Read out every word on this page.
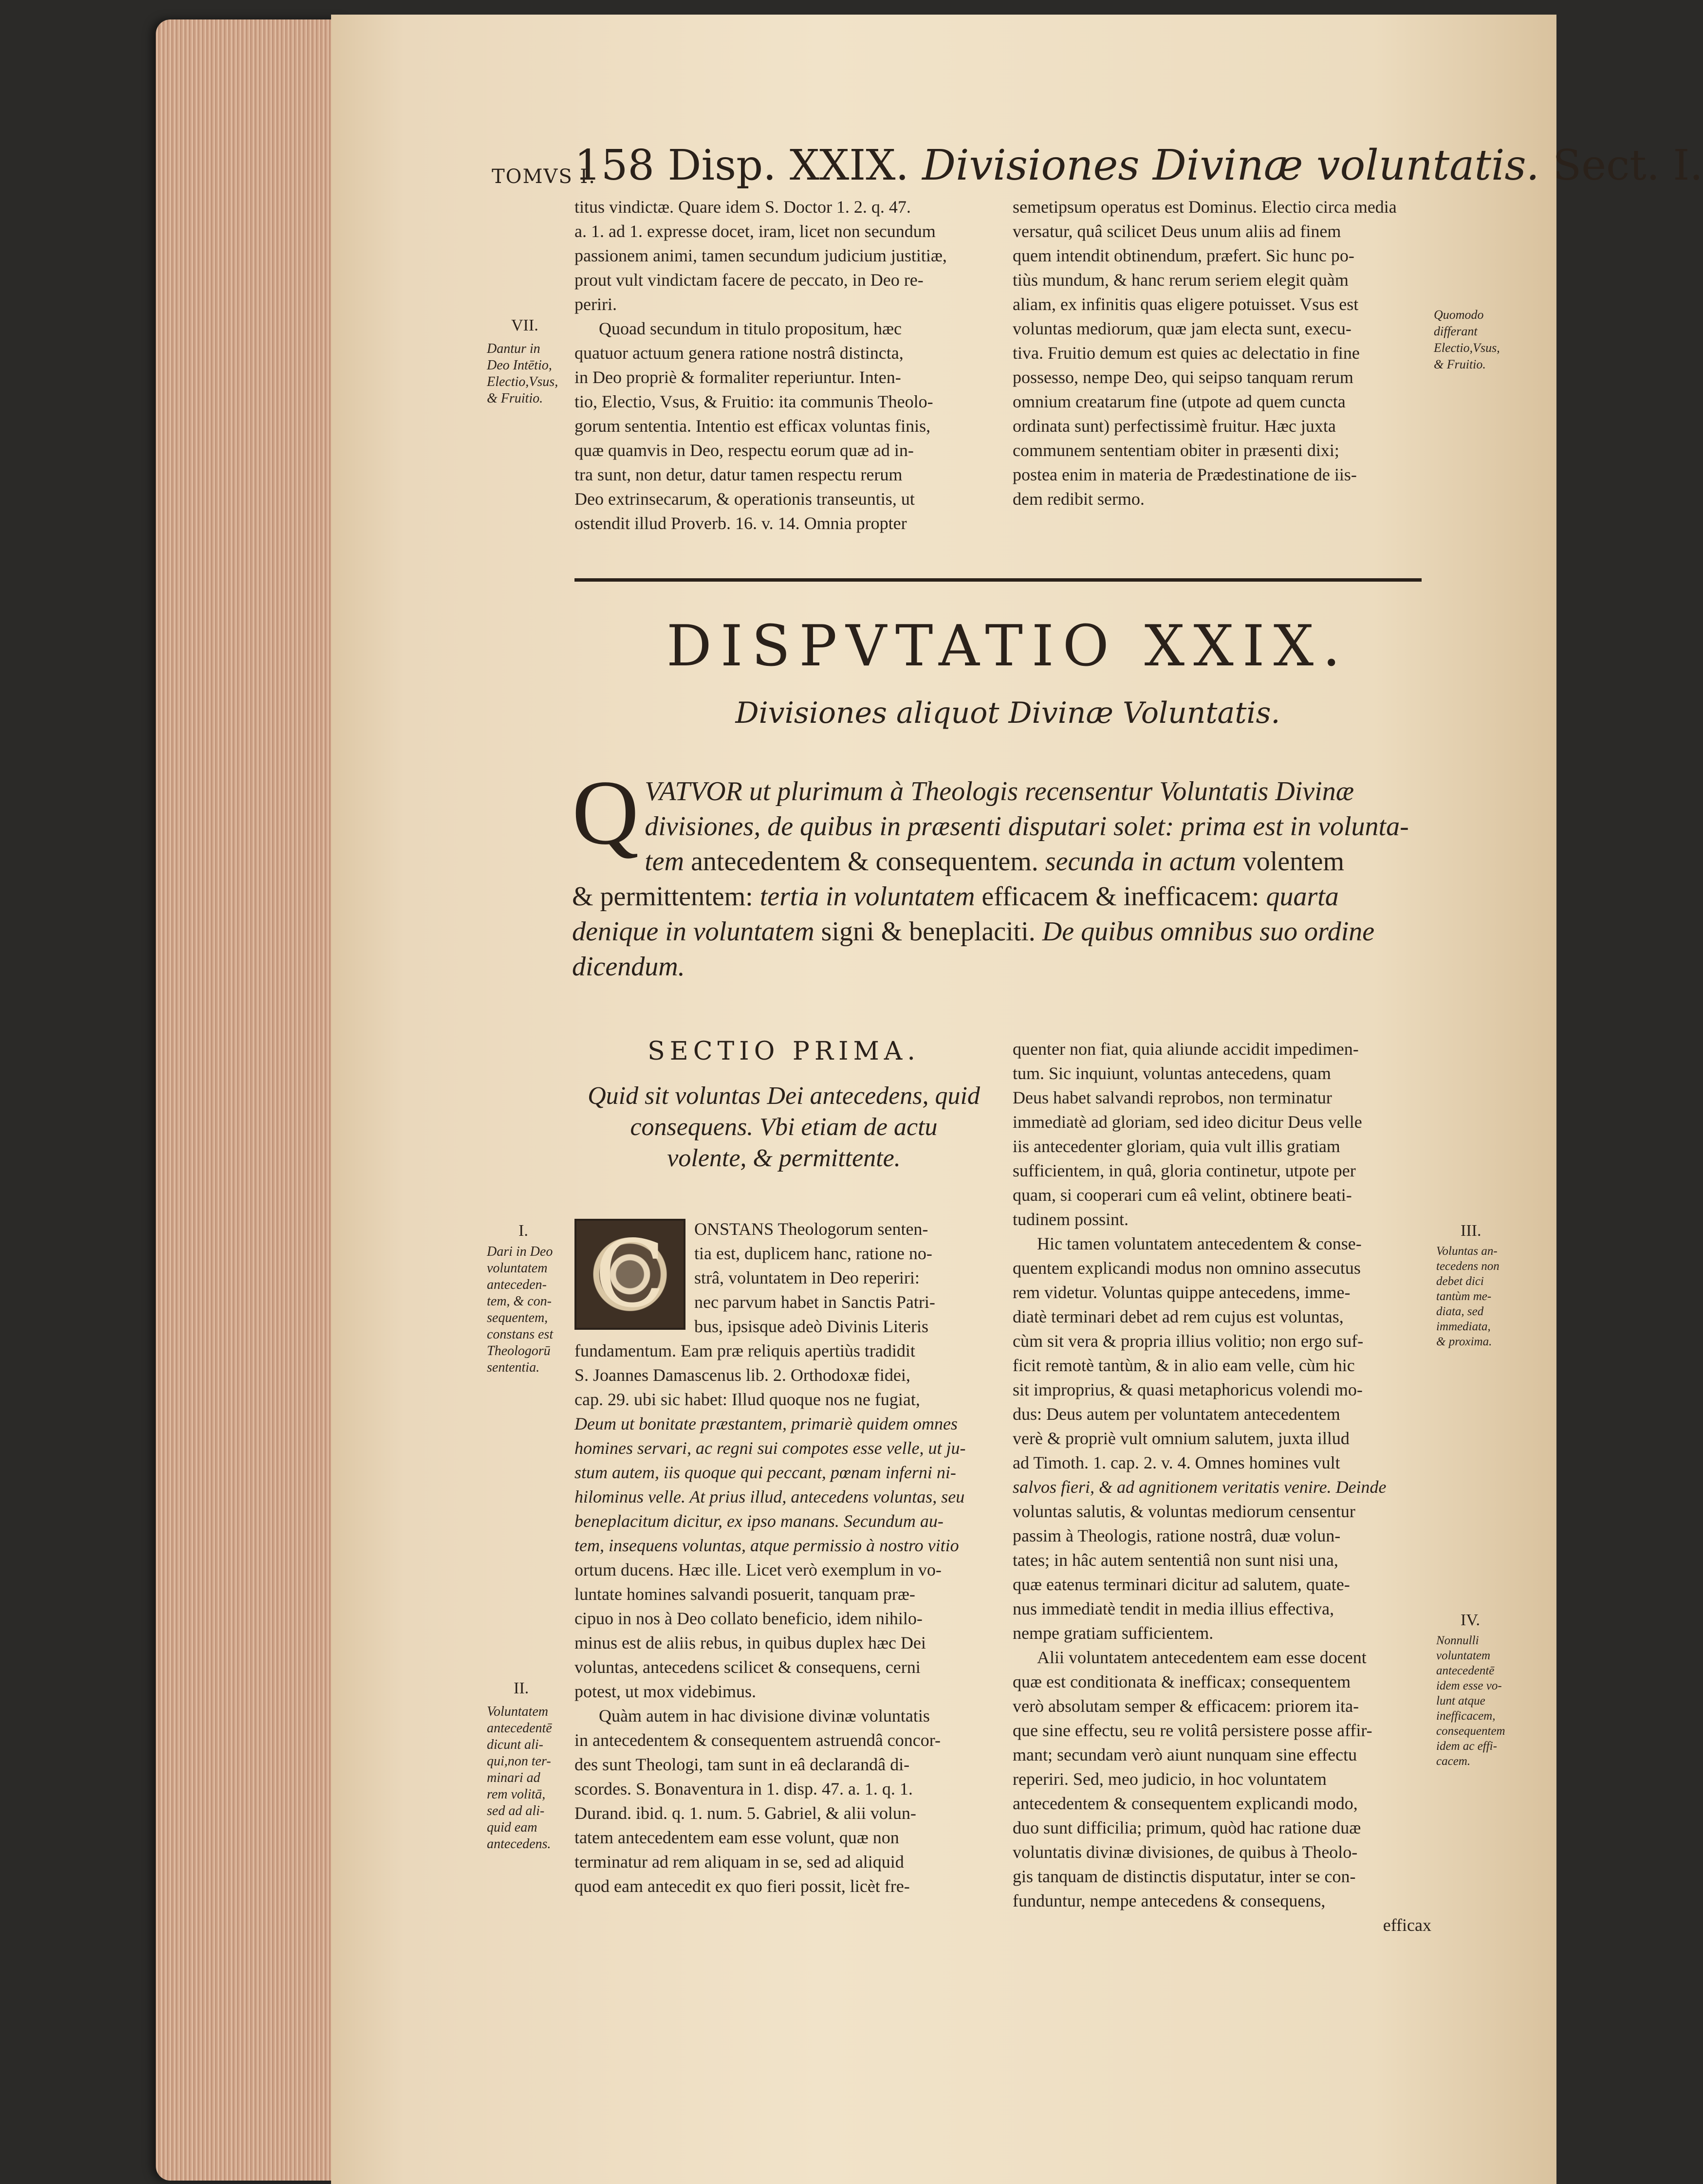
TOMVS I.
158 Disp. XXIX. Divisiones Divinæ voluntatis. Sect. I.
titus vindictæ. Quare idem S. Doctor 1. 2. q. 47.
a. 1. ad 1. expresse docet, iram, licet non secundum
passionem animi, tamen secundum judicium justitiæ,
prout vult vindictam facere de peccato, in Deo re-
periri.
Quoad secundum in titulo propositum, hæc
quatuor actuum genera ratione nostrâ distincta,
in Deo propriè & formaliter reperiuntur. Inten-
tio, Electio, Vsus, & Fruitio: ita communis Theolo-
gorum sententia. Intentio est efficax voluntas finis,
quæ quamvis in Deo, respectu eorum quæ ad in-
tra sunt, non detur, datur tamen respectu rerum
Deo extrinsecarum, & operationis transeuntis, ut
ostendit illud Proverb. 16. v. 14. Omnia propter
semetipsum operatus est Dominus. Electio circa media
versatur, quâ scilicet Deus unum aliis ad finem
quem intendit obtinendum, præfert. Sic hunc po-
tiùs mundum, & hanc rerum seriem elegit quàm
aliam, ex infinitis quas eligere potuisset. Vsus est
voluntas mediorum, quæ jam electa sunt, execu-
tiva. Fruitio demum est quies ac delectatio in fine
possesso, nempe Deo, qui seipso tanquam rerum
omnium creatarum fine (utpote ad quem cuncta
ordinata sunt) perfectissimè fruitur. Hæc juxta
communem sententiam obiter in præsenti dixi;
postea enim in materia de Prædestinatione de iis-
dem redibit sermo.
VII.
Dantur in
Deo Intētio,
Electio,Vsus,
& Fruitio.
Quomodo
differant
Electio,Vsus,
& Fruitio.
DISPVTATIO XXIX.
Divisiones aliquot Divinæ Voluntatis.
Q VATVOR ut plurimum à Theologis recensentur Voluntatis Divinæ
divisiones, de quibus in præsenti disputari solet: prima est in volunta-
tem antecedentem & consequentem. secunda in actum volentem
& permittentem: tertia in voluntatem efficacem & inefficacem: quarta
denique in voluntatem signi & beneplaciti. De quibus omnibus suo ordine
dicendum.
SECTIO PRIMA.
Quid sit voluntas Dei antecedens, quid
consequens. Vbi etiam de actu
volente, & permittente.
I.
Dari in Deo
voluntatem
anteceden-
tem, & con-
sequentem,
constans est
Theologorū
sententia.
II.
Voluntatem
antecedentē
dicunt ali-
qui,non ter-
minari ad
rem volitā,
sed ad ali-
quid eam
antecedens.
C	ONSTANS Theologorum senten-
tia est, duplicem hanc, ratione no-
strâ, voluntatem in Deo reperiri:
nec parvum habet in Sanctis Patri-
bus, ipsisque adeò Divinis Literis
fundamentum. Eam præ reliquis apertiùs tradidit
S. Joannes Damascenus lib. 2. Orthodoxæ fidei,
cap. 29. ubi sic habet: Illud quoque nos ne fugiat,
Deum ut bonitate præstantem, primariè quidem omnes
homines servari, ac regni sui compotes esse velle, ut ju-
stum autem, iis quoque qui peccant, pœnam inferni ni-
hilominus velle. At prius illud, antecedens voluntas, seu
beneplacitum dicitur, ex ipso manans. Secundum au-
tem, insequens voluntas, atque permissio à nostro vitio
ortum ducens. Hæc ille. Licet verò exemplum in vo-
luntate homines salvandi posuerit, tanquam præ-
cipuo in nos à Deo collato beneficio, idem nihilo-
minus est de aliis rebus, in quibus duplex hæc Dei
voluntas, antecedens scilicet & consequens, cerni
potest, ut mox videbimus.
Quàm autem in hac divisione divinæ voluntatis
in antecedentem & consequentem astruendâ concor-
des sunt Theologi, tam sunt in eâ declarandâ di-
scordes. S. Bonaventura in 1. disp. 47. a. 1. q. 1.
Durand. ibid. q. 1. num. 5. Gabriel, & alii volun-
tatem antecedentem eam esse volunt, quæ non
terminatur ad rem aliquam in se, sed ad aliquid
quod eam antecedit ex quo fieri possit, licèt fre-
quenter non fiat, quia aliunde accidit impedimen-
tum. Sic inquiunt, voluntas antecedens, quam
Deus habet salvandi reprobos, non terminatur
immediatè ad gloriam, sed ideo dicitur Deus velle
iis antecedenter gloriam, quia vult illis gratiam
sufficientem, in quâ, gloria continetur, utpote per
quam, si cooperari cum eâ velint, obtinere beati-
tudinem possint.
Hic tamen voluntatem antecedentem & conse-
quentem explicandi modus non omnino assecutus
rem videtur. Voluntas quippe antecedens, imme-
diatè terminari debet ad rem cujus est voluntas,
cùm sit vera & propria illius volitio; non ergo suf-
ficit remotè tantùm, & in alio eam velle, cùm hic
sit improprius, & quasi metaphoricus volendi mo-
dus: Deus autem per voluntatem antecedentem
verè & propriè vult omnium salutem, juxta illud
ad Timoth. 1. cap. 2. v. 4. Omnes homines vult
salvos fieri, & ad agnitionem veritatis venire. Deinde
voluntas salutis, & voluntas mediorum censentur
passim à Theologis, ratione nostrâ, duæ volun-
tates; in hâc autem sententiâ non sunt nisi una,
quæ eatenus terminari dicitur ad salutem, quate-
nus immediatè tendit in media illius effectiva,
nempe gratiam sufficientem.
Alii voluntatem antecedentem eam esse docent
quæ est conditionata & inefficax; consequentem
verò absolutam semper & efficacem: priorem ita-
que sine effectu, seu re volitâ persistere posse affir-
mant; secundam verò aiunt nunquam sine effectu
reperiri. Sed, meo judicio, in hoc voluntatem
antecedentem & consequentem explicandi modo,
duo sunt difficilia; primum, quòd hac ratione duæ
voluntatis divinæ divisiones, de quibus à Theolo-
gis tanquam de distinctis disputatur, inter se con-
funduntur, nempe antecedens & consequens,
efficax
III.
Voluntas an-
tecedens non
debet dici
tantùm me-
diata, sed
immediata,
& proxima.
IV.
Nonnulli
voluntatem
antecedentē
idem esse vo-
lunt atque
inefficacem,
consequentem
idem ac effi-
cacem.
